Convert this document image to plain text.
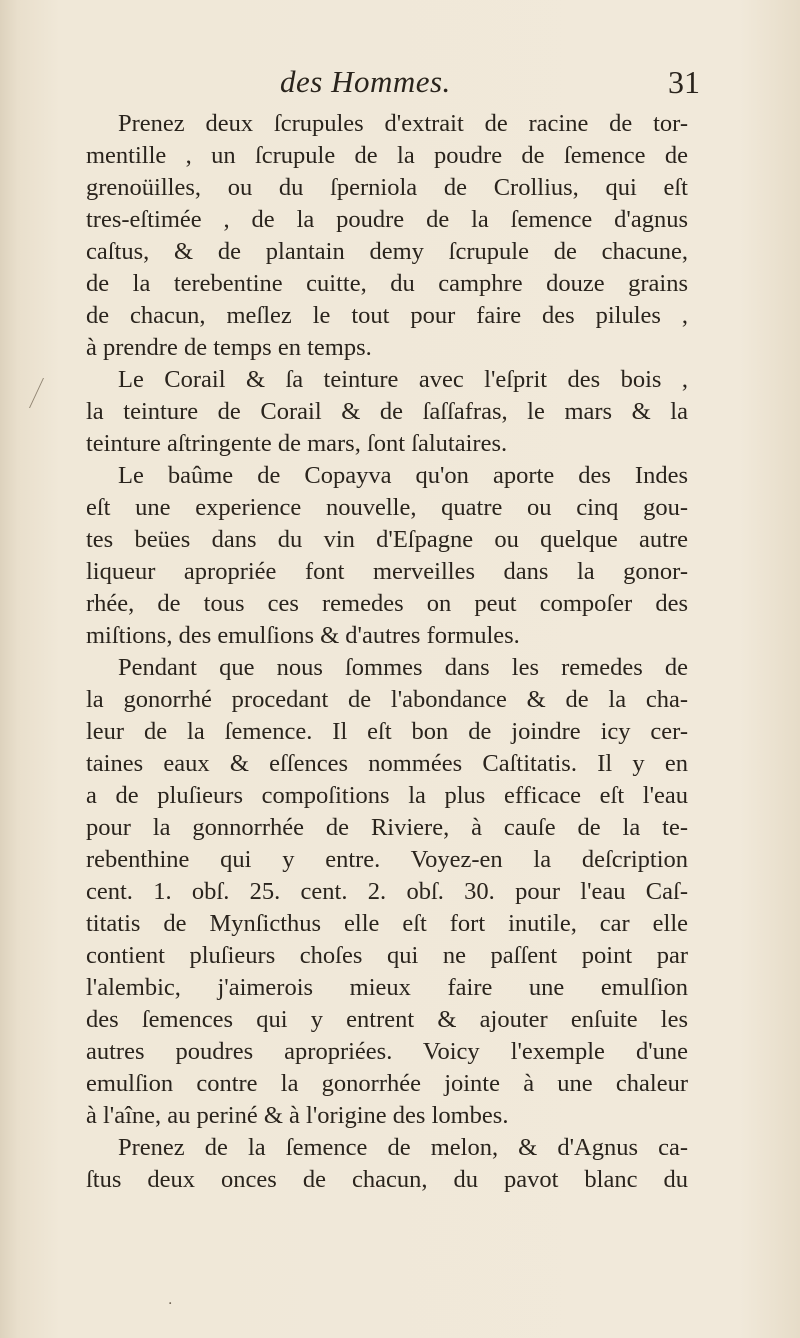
des Hommes.	31
Prenez deux ſcrupules d'extrait de racine de tor-
mentille , un ſcrupule de la poudre de ſemence de
grenoüilles, ou du ſperniola de Crollius, qui eſt
tres-eſtimée , de la poudre de la ſemence d'agnus
caſtus, & de plantain demy ſcrupule de chacune,
de la terebentine cuitte, du camphre douze grains
de chacun, meſlez le tout pour faire des pilules ,
à prendre de temps en temps.
Le Corail & ſa teinture avec l'eſprit des bois ,
la teinture de Corail & de ſaſſafras, le mars & la
teinture aſtringente de mars, ſont ſalutaires.
Le baûme de Copayva qu'on aporte des Indes
eſt une experience nouvelle, quatre ou cinq gou-
tes beües dans du vin d'Eſpagne ou quelque autre
liqueur apropriée font merveilles dans la gonor-
rhée, de tous ces remedes on peut compoſer des
miſtions, des emulſions & d'autres formules.
Pendant que nous ſommes dans les remedes de
la gonorrhé procedant de l'abondance & de la cha-
leur de la ſemence. Il eſt bon de joindre icy cer-
taines eaux & eſſences nommées Caſtitatis. Il y en
a de pluſieurs compoſitions la plus efficace eſt l'eau
pour la gonnorrhée de Riviere, à cauſe de la te-
rebenthine qui y entre. Voyez-en la deſcription
cent. 1. obſ. 25. cent. 2. obſ. 30. pour l'eau Caſ-
titatis de Mynſicthus elle eſt fort inutile, car elle
contient pluſieurs choſes qui ne paſſent point par
l'alembic, j'aimerois mieux faire une emulſion
des ſemences qui y entrent & ajouter enſuite les
autres poudres apropriées. Voicy l'exemple d'une
emulſion contre la gonorrhée jointe à une chaleur
à l'aîne, au periné & à l'origine des lombes.
Prenez de la ſemence de melon, & d'Agnus ca-
ſtus deux onces de chacun, du pavot blanc du
·
